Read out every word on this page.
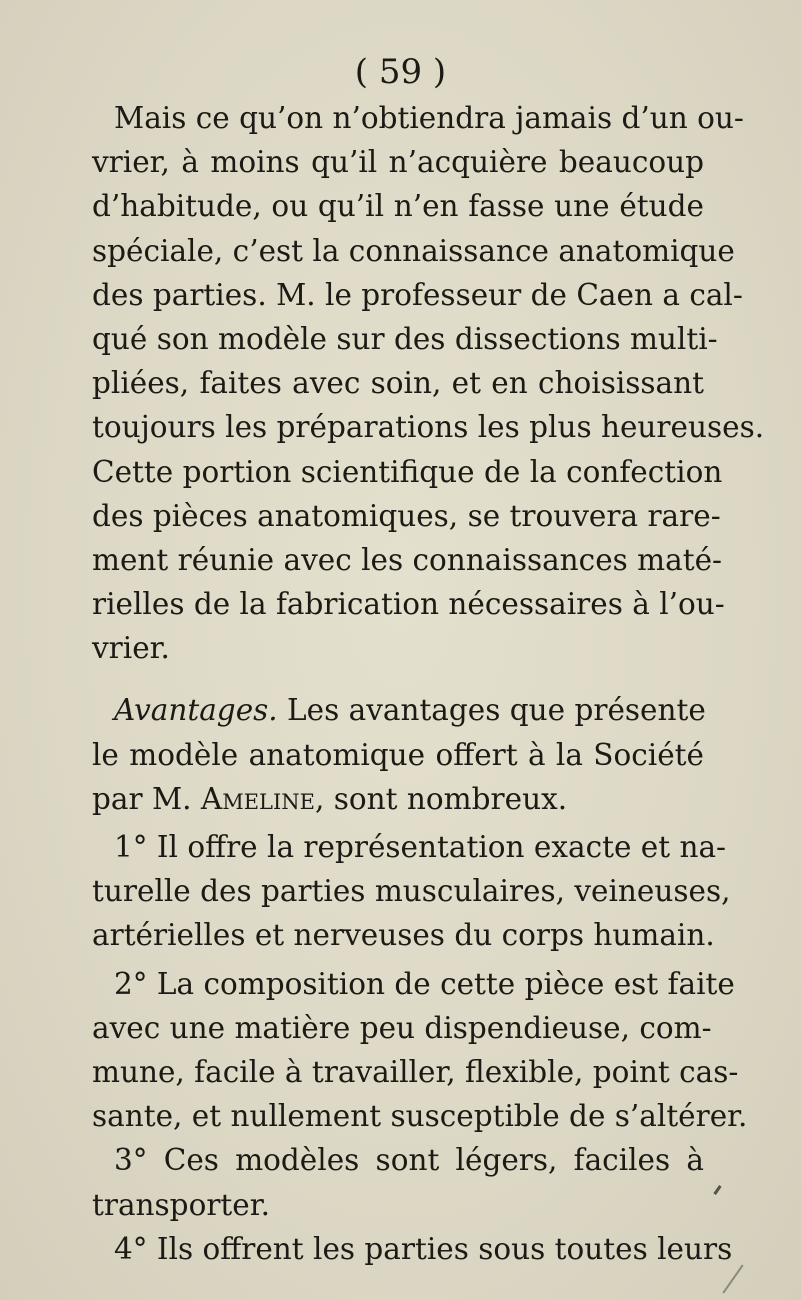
( 59 )
Mais ce qu’on n’obtiendra jamais d’un ou-
vrier, à moins qu’il n’acquière beaucoup
d’habitude, ou qu’il n’en fasse une étude
spéciale, c’est la connaissance anatomique
des parties. M. le professeur de Caen a cal-
qué son modèle sur des dissections multi-
pliées, faites avec soin, et en choisissant
toujours les préparations les plus heureuses.
Cette portion scientifique de la confection
des pièces anatomiques, se trouvera rare-
ment réunie avec les connaissances maté-
rielles de la fabrication nécessaires à l’ou-
vrier.
Avantages. Les avantages que présente
le modèle anatomique offert à la Société
par M. Ameline, sont nombreux.
1° Il offre la représentation exacte et na-
turelle des parties musculaires, veineuses,
artérielles et nerveuses du corps humain.
2° La composition de cette pièce est faite
avec une matière peu dispendieuse, com-
mune, facile à travailler, flexible, point cas-
sante, et nullement susceptible de s’altérer.
3° Ces modèles sont légers, faciles à
transporter.
4° Ils offrent les parties sous toutes leurs
